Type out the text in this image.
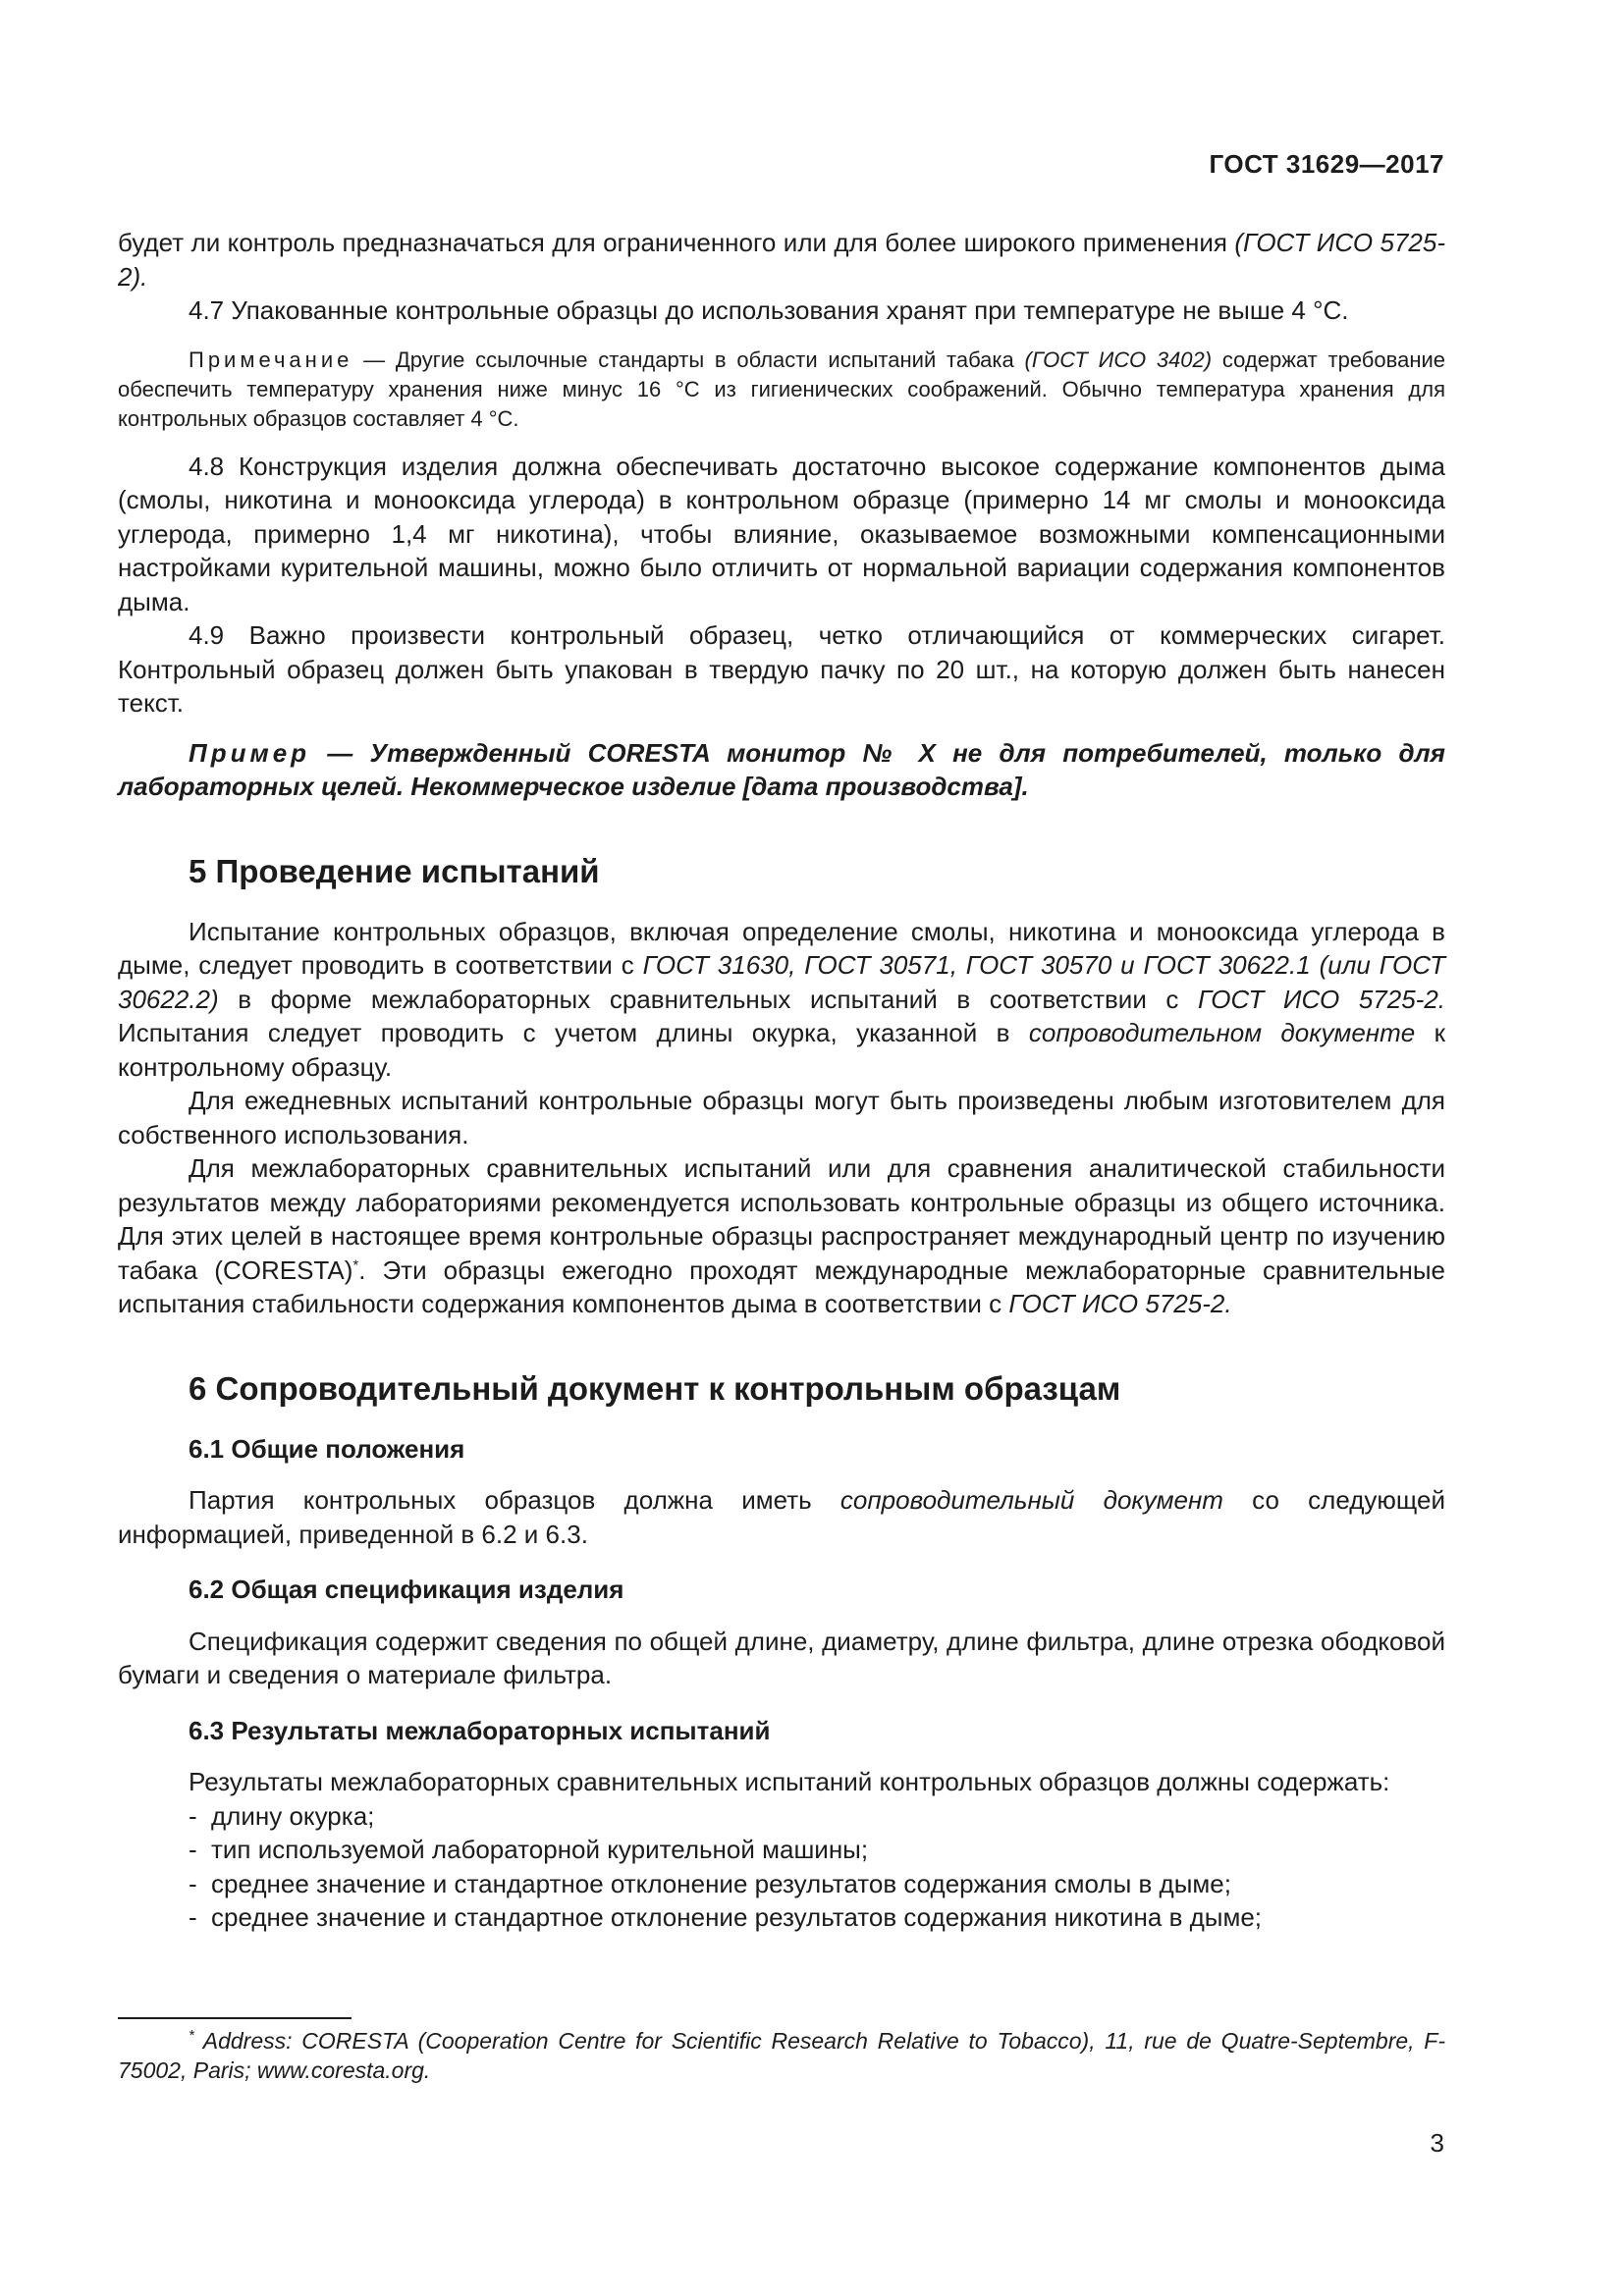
ГОСТ 31629—2017

будет ли контроль предназначаться для ограниченного или для более широкого применения (ГОСТ ИСО 5725-2).

4.7 Упакованные контрольные образцы до использования хранят при температуре не выше 4 °C.

Примечание — Другие ссылочные стандарты в области испытаний табака (ГОСТ ИСО 3402) содержат требование обеспечить температуру хранения ниже минус 16 °C из гигиенических соображений. Обычно температура хранения для контрольных образцов составляет 4 °C.

4.8 Конструкция изделия должна обеспечивать достаточно высокое содержание компонентов дыма (смолы, никотина и монооксида углерода) в контрольном образце (примерно 14 мг смолы и монооксида углерода, примерно 1,4 мг никотина), чтобы влияние, оказываемое возможными компенсационными настройками курительной машины, можно было отличить от нормальной вариации содержания компонентов дыма.

4.9 Важно произвести контрольный образец, четко отличающийся от коммерческих сигарет. Контрольный образец должен быть упакован в твердую пачку по 20 шт., на которую должен быть нанесен текст.

Пример — Утвержденный CORESTA монитор № X не для потребителей, только для лабораторных целей. Некоммерческое изделие [дата производства].

5 Проведение испытаний

Испытание контрольных образцов, включая определение смолы, никотина и монооксида углерода в дыме, следует проводить в соответствии с ГОСТ 31630, ГОСТ 30571, ГОСТ 30570 и ГОСТ 30622.1 (или ГОСТ 30622.2) в форме межлабораторных сравнительных испытаний в соответствии с ГОСТ ИСО 5725-2. Испытания следует проводить с учетом длины окурка, указанной в сопроводительном документе к контрольному образцу.

Для ежедневных испытаний контрольные образцы могут быть произведены любым изготовителем для собственного использования.

Для межлабораторных сравнительных испытаний или для сравнения аналитической стабильности результатов между лабораториями рекомендуется использовать контрольные образцы из общего источника. Для этих целей в настоящее время контрольные образцы распространяет международный центр по изучению табака (CORESTA)*. Эти образцы ежегодно проходят международные межлабораторные сравнительные испытания стабильности содержания компонентов дыма в соответствии с ГОСТ ИСО 5725-2.

6 Сопроводительный документ к контрольным образцам
6.1 Общие положения

Партия контрольных образцов должна иметь сопроводительный документ со следующей информацией, приведенной в 6.2 и 6.3.

6.2 Общая спецификация изделия

Спецификация содержит сведения по общей длине, диаметру, длине фильтра, длине отрезка ободковой бумаги и сведения о материале фильтра.

6.3 Результаты межлабораторных испытаний

Результаты межлабораторных сравнительных испытаний контрольных образцов должны содержать:

- длину окурка;
- тип используемой лабораторной курительной машины;
- среднее значение и стандартное отклонение результатов содержания смолы в дыме;
- среднее значение и стандартное отклонение результатов содержания никотина в дыме;
* Address: CORESTA (Cooperation Centre for Scientific Research Relative to Tobacco), 11, rue de Quatre-Septembre, F-75002, Paris; www.coresta.org.
3
